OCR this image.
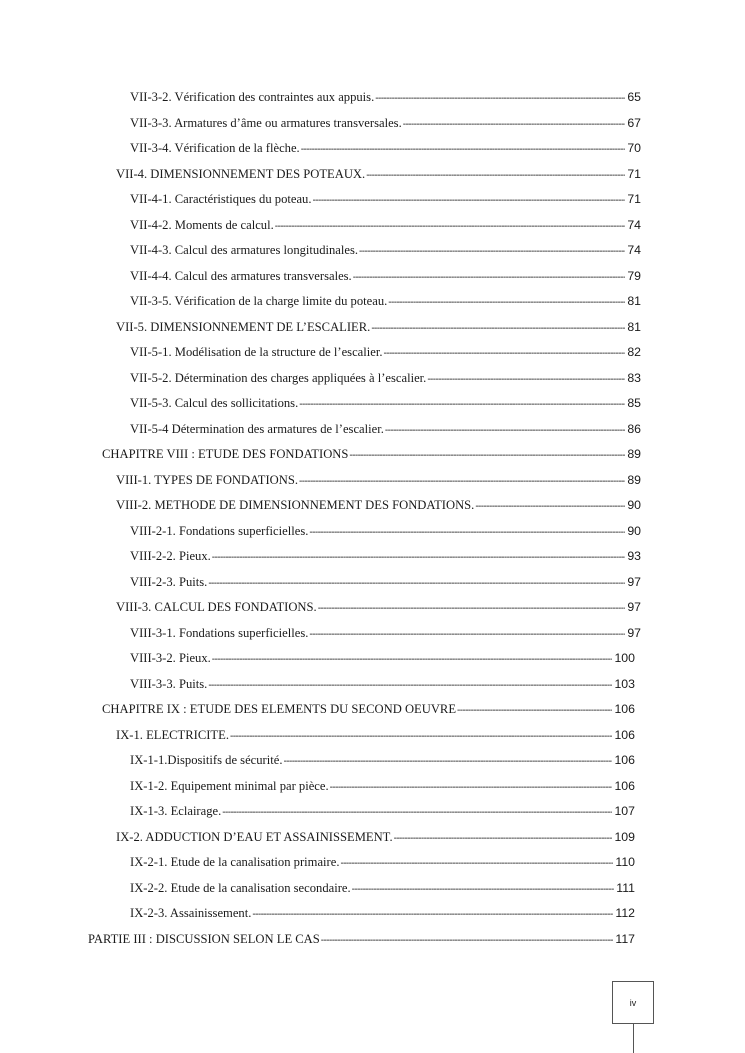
VII-3-2. Vérification des contraintes aux appuis. -----	65
VII-3-3. Armatures d’âme ou armatures transversales. -----	67
VII-3-4. Vérification de la flèche. -----	70
VII-4. DIMENSIONNEMENT DES POTEAUX. -----	71
VII-4-1. Caractéristiques du poteau. -----	71
VII-4-2. Moments de calcul. -----	74
VII-4-3. Calcul des armatures longitudinales. -----	74
VII-4-4. Calcul des armatures transversales. -----	79
VII-3-5. Vérification de la charge limite du poteau. -----	81
VII-5. DIMENSIONNEMENT DE L’ESCALIER. -----	81
VII-5-1. Modélisation de la structure de l’escalier. -----	82
VII-5-2. Détermination des charges appliquées à l’escalier. -----	83
VII-5-3. Calcul des sollicitations. -----	85
VII-5-4 Détermination des armatures de l’escalier. -----	86
CHAPITRE VIII : ETUDE DES FONDATIONS -----	89
VIII-1. TYPES DE FONDATIONS. -----	89
VIII-2. METHODE DE DIMENSIONNEMENT DES FONDATIONS. -----	90
VIII-2-1. Fondations superficielles. -----	90
VIII-2-2. Pieux. -----	93
VIII-2-3. Puits. -----	97
VIII-3. CALCUL DES FONDATIONS. -----	97
VIII-3-1. Fondations superficielles. -----	97
VIII-3-2. Pieux. -----	100
VIII-3-3. Puits. -----	103
CHAPITRE IX : ETUDE DES ELEMENTS DU SECOND OEUVRE -----	106
IX-1. ELECTRICITE. -----	106
IX-1-1.Dispositifs de sécurité. -----	106
IX-1-2. Equipement minimal par pièce. -----	106
IX-1-3. Eclairage. -----	107
IX-2. ADDUCTION D’EAU ET ASSAINISSEMENT. -----	109
IX-2-1. Etude de la canalisation primaire. -----	110
IX-2-2. Etude de la canalisation secondaire. -----	111
IX-2-3. Assainissement. -----	112
PARTIE III : DISCUSSION SELON LE CAS -----	117
iv
